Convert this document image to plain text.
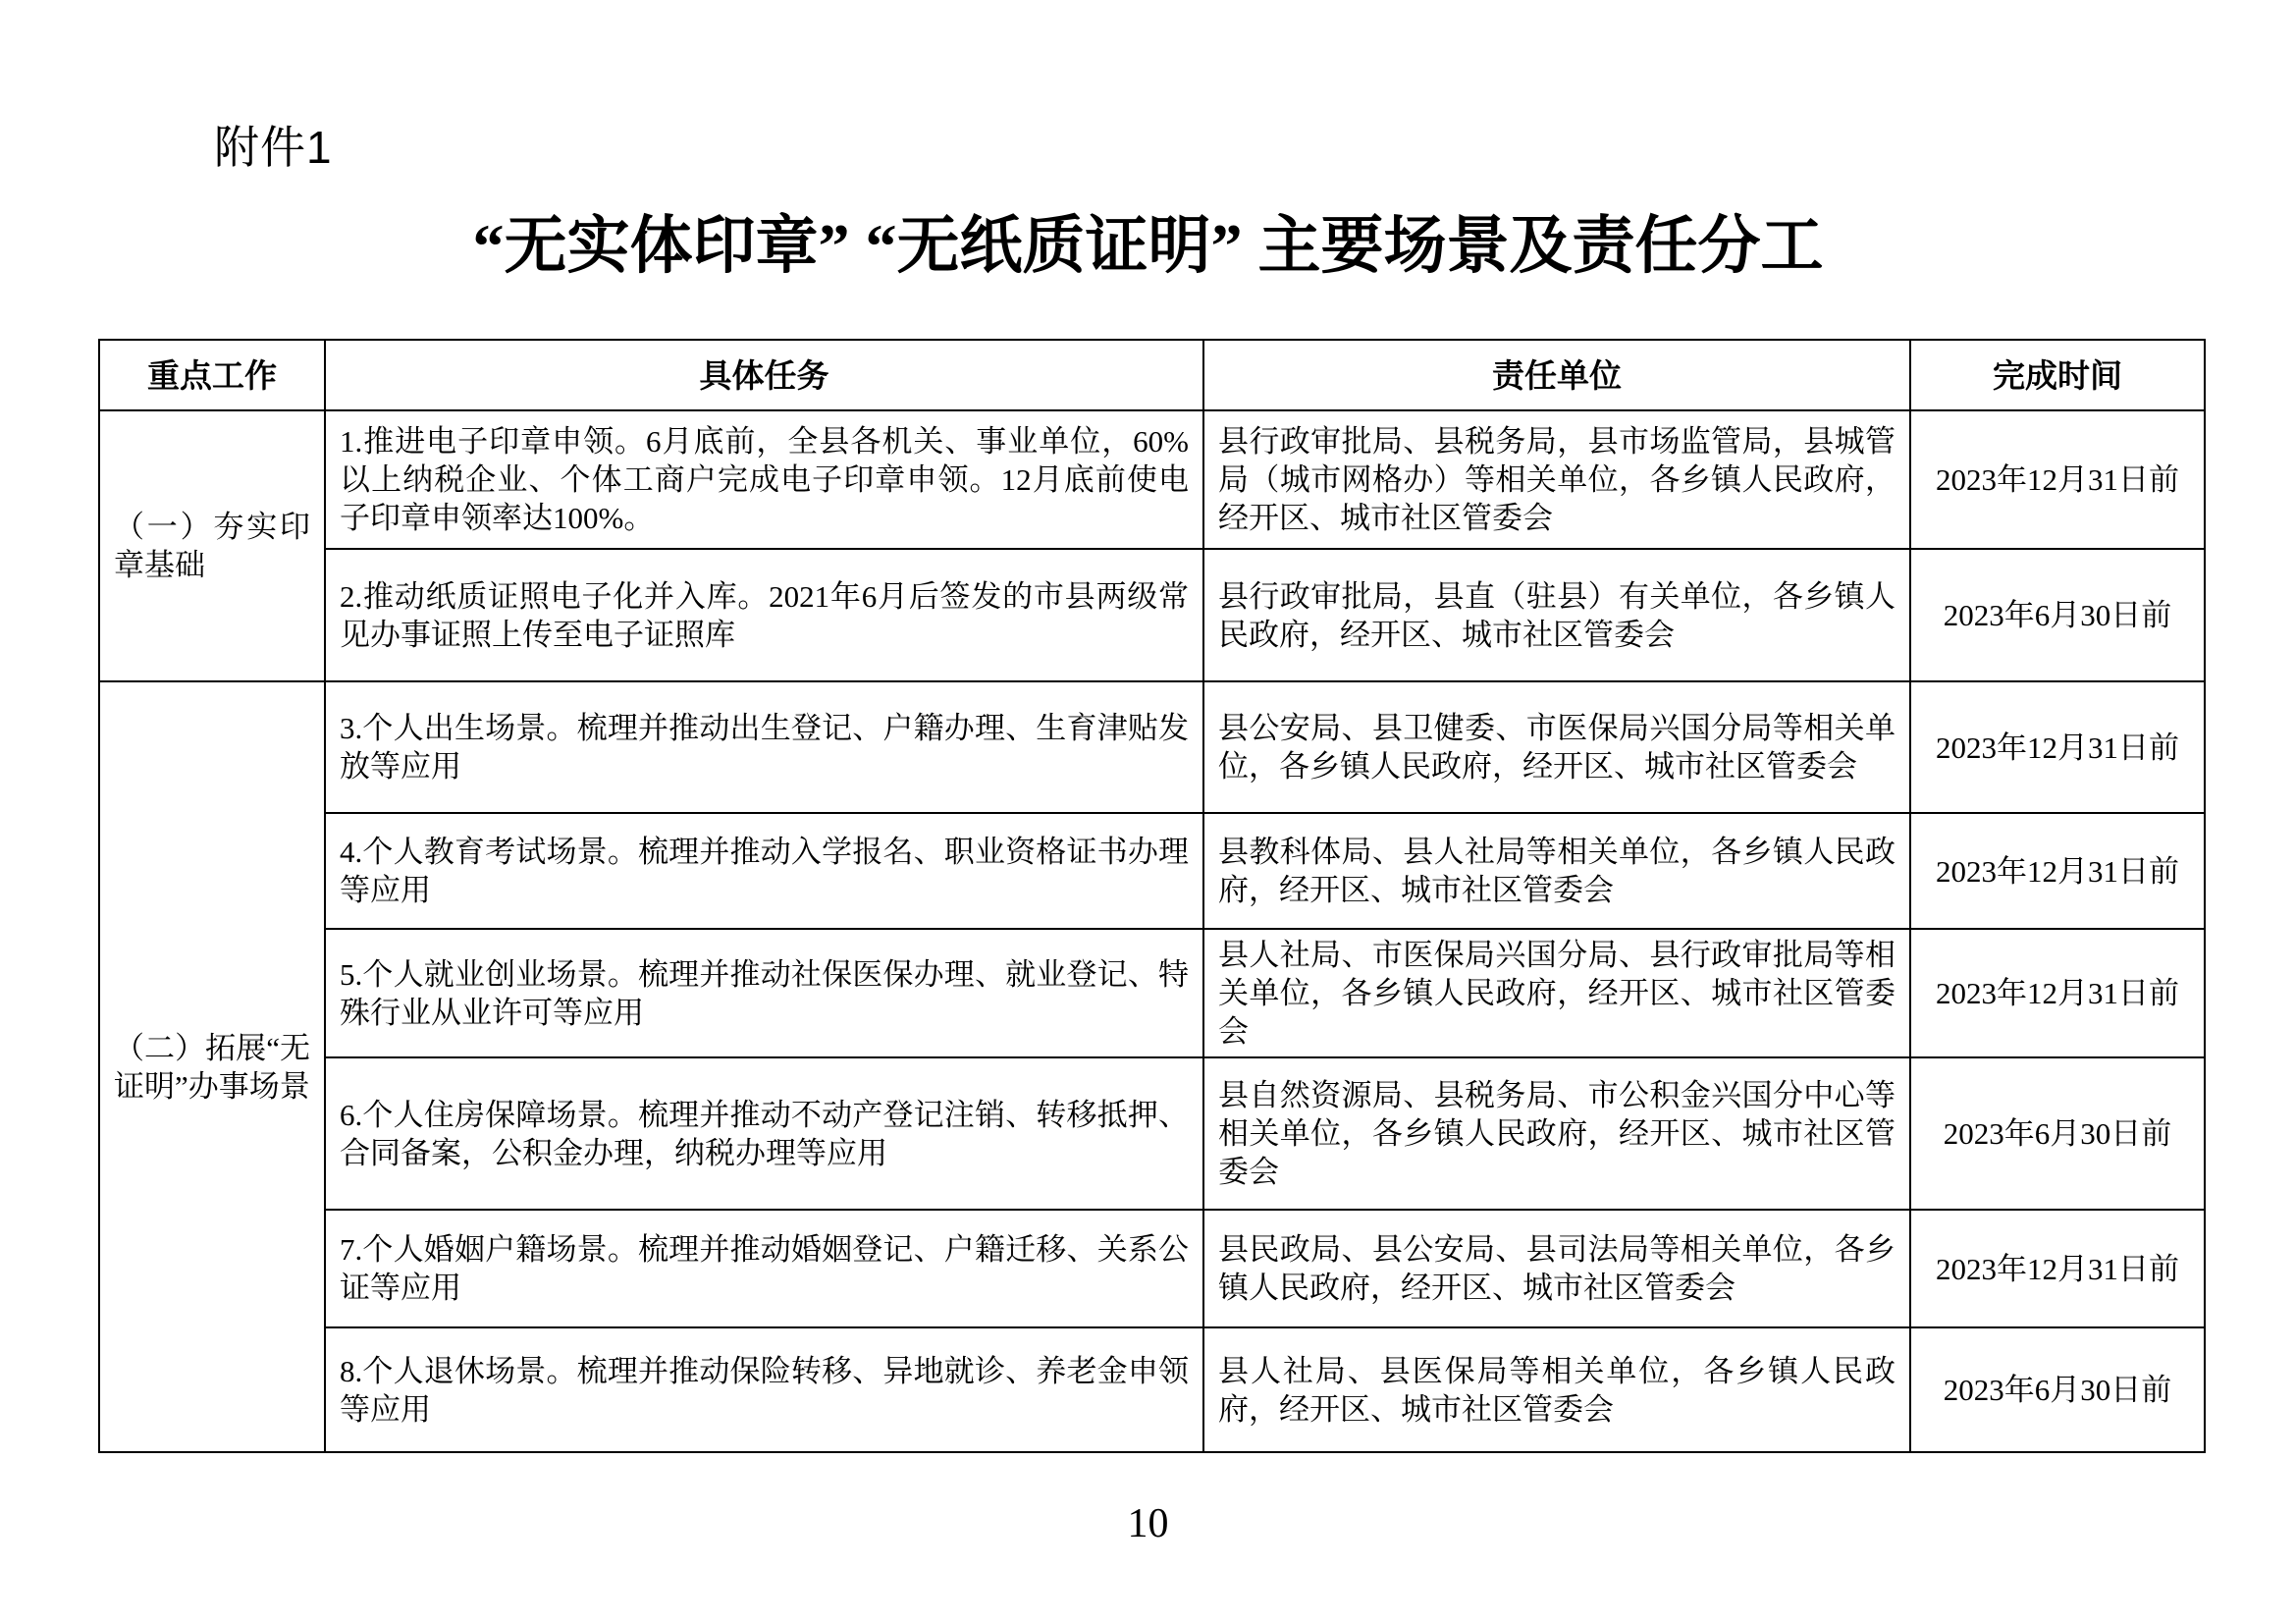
附件1
“无实体印章” “无纸质证明” 主要场景及责任分工
重点工作	具体任务	责任单位	完成时间
（一）夯实印章基础	1.推进电子印章申领。6月底前，全县各机关、事业单位，60%以上纳税企业、个体工商户完成电子印章申领。12月底前使电子印章申领率达100%。	县行政审批局、县税务局，县市场监管局，县城管局（城市网格办）等相关单位，各乡镇人民政府，经开区、城市社区管委会	2023年12月31日前
	2.推动纸质证照电子化并入库。2021年6月后签发的市县两级常见办事证照上传至电子证照库	县行政审批局，县直（驻县）有关单位，各乡镇人民政府，经开区、城市社区管委会	2023年6月30日前
（二）拓展“无证明”办事场景	3.个人出生场景。梳理并推动出生登记、户籍办理、生育津贴发放等应用	县公安局、县卫健委、市医保局兴国分局等相关单位，各乡镇人民政府，经开区、城市社区管委会	2023年12月31日前
	4.个人教育考试场景。梳理并推动入学报名、职业资格证书办理等应用	县教科体局、县人社局等相关单位，各乡镇人民政府，经开区、城市社区管委会	2023年12月31日前
	5.个人就业创业场景。梳理并推动社保医保办理、就业登记、特殊行业从业许可等应用	县人社局、市医保局兴国分局、县行政审批局等相关单位，各乡镇人民政府，经开区、城市社区管委会	2023年12月31日前
	6.个人住房保障场景。梳理并推动不动产登记注销、转移抵押、合同备案，公积金办理，纳税办理等应用	县自然资源局、县税务局、市公积金兴国分中心等相关单位，各乡镇人民政府，经开区、城市社区管委会	2023年6月30日前
	7.个人婚姻户籍场景。梳理并推动婚姻登记、户籍迁移、关系公证等应用	县民政局、县公安局、县司法局等相关单位，各乡镇人民政府，经开区、城市社区管委会	2023年12月31日前
	8.个人退休场景。梳理并推动保险转移、异地就诊、养老金申领等应用	县人社局、县医保局等相关单位，各乡镇人民政府，经开区、城市社区管委会	2023年6月30日前
10
